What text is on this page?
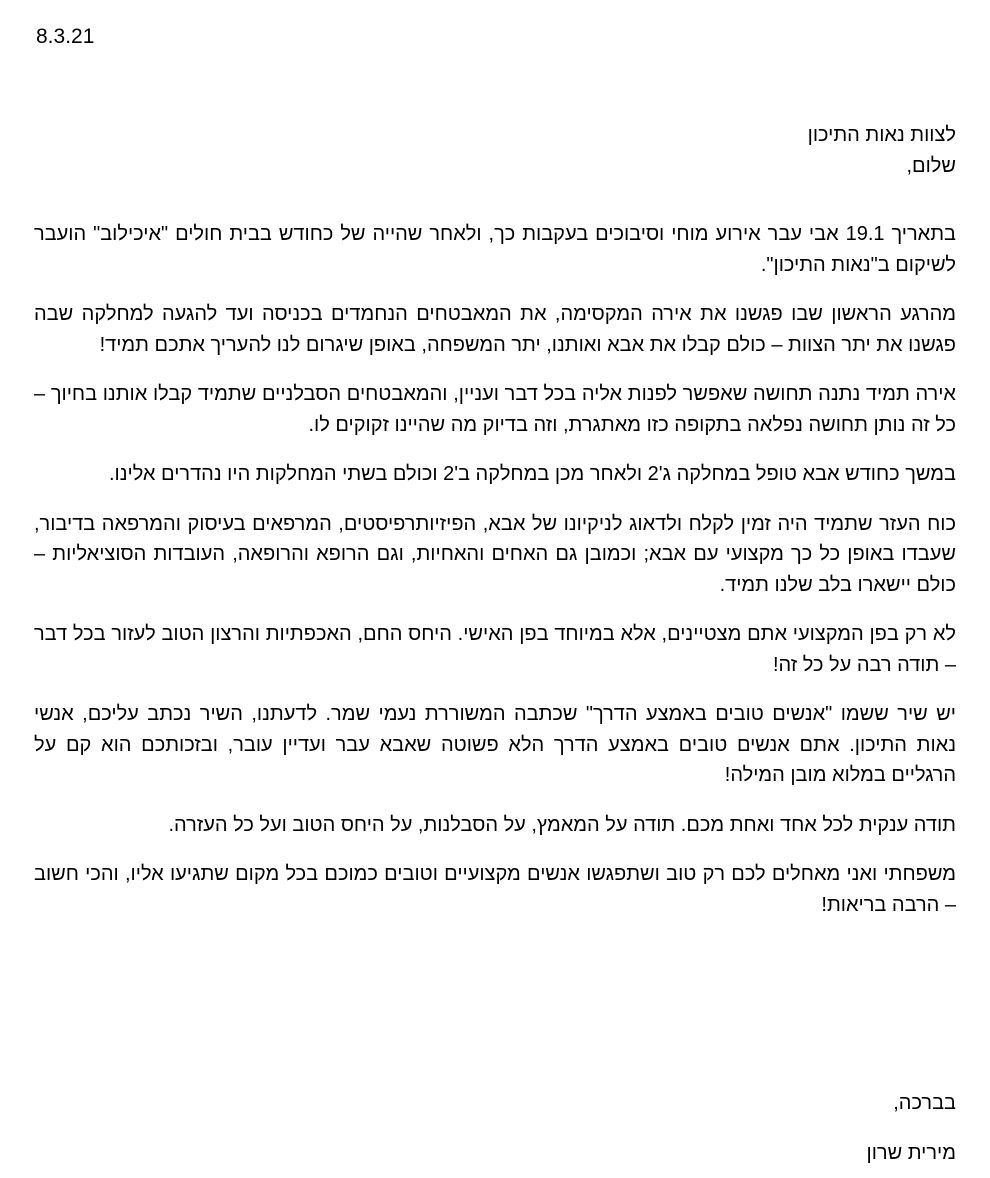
8.3.21

לצוות נאות התיכון
שלום,

בתאריך 19.1 אבי עבר אירוע מוחי וסיבוכים בעקבות כך, ולאחר שהייה של כחודש בבית חולים "איכילוב" הועבר לשיקום ב"נאות התיכון".

מהרגע הראשון שבו פגשנו את אירה המקסימה, את המאבטחים הנחמדים בכניסה ועד להגעה למחלקה שבה פגשנו את יתר הצוות – כולם קבלו את אבא ואותנו, יתר המשפחה, באופן שיגרום לנו להעריך אתכם תמיד!

אירה תמיד נתנה תחושה שאפשר לפנות אליה בכל דבר ועניין, והמאבטחים הסבלניים שתמיד קבלו אותנו בחיוך – כל זה נותן תחושה נפלאה בתקופה כזו מאתגרת, וזה בדיוק מה שהיינו זקוקים לו.

במשך כחודש אבא טופל במחלקה ג'2 ולאחר מכן במחלקה ב'2 וכולם בשתי המחלקות היו נהדרים אלינו.

כוח העזר שתמיד היה זמין לקלח ולדאוג לניקיונו של אבא, הפיזיותרפיסטים, המרפאים בעיסוק והמרפאה בדיבור, שעבדו באופן כל כך מקצועי עם אבא; וכמובן גם האחים והאחיות, וגם הרופא והרופאה, העובדות הסוציאליות – כולם יישארו בלב שלנו תמיד.

לא רק בפן המקצועי אתם מצטיינים, אלא במיוחד בפן האישי. היחס החם, האכפתיות והרצון הטוב לעזור בכל דבר – תודה רבה על כל זה!

יש שיר ששמו "אנשים טובים באמצע הדרך" שכתבה המשוררת נעמי שמר. לדעתנו, השיר נכתב עליכם, אנשי נאות התיכון. אתם אנשים טובים באמצע הדרך הלא פשוטה שאבא עבר ועדיין עובר, ובזכותכם הוא קם על הרגליים במלוא מובן המילה!

תודה ענקית לכל אחד ואחת מכם. תודה על המאמץ, על הסבלנות, על היחס הטוב ועל כל העזרה.

משפחתי ואני מאחלים לכם רק טוב ושתפגשו אנשים מקצועיים וטובים כמוכם בכל מקום שתגיעו אליו, והכי חשוב – הרבה בריאות!

בברכה,

מירית שרון
